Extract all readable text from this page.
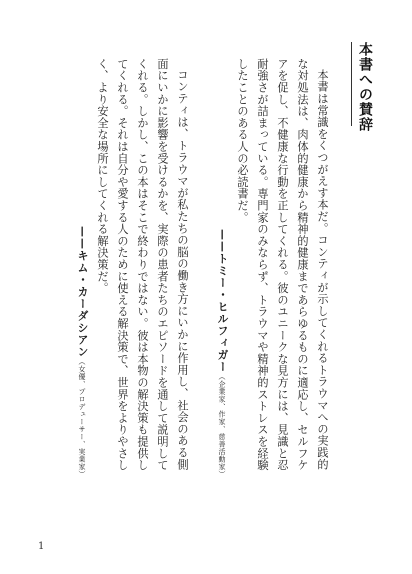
本書への賛辞

本書は常識をくつがえす本だ。コンティが示してくれるトラウマへの実践的な対処法は、肉体的健康から精神的健康まであらゆるものに適応し、セルフケアを促し、不健康な行動を正してくれる。彼のユニークな見方には、見識と忍耐強さが詰まっている。専門家のみならず、トラウマや精神的ストレスを経験したことのある人の必読書だ。

——トミー・ヒルフィガー（企業家、作家、慈善活動家）

コンティは、トラウマが私たちの脳の働き方にいかに作用し、社会のある側面にいかに影響を受けるかを、実際の患者たちのエピソードを通して説明してくれる。しかし、この本はそこで終わりではない。彼は本物の解決策も提供してくれる。それは自分や愛する人のために使える解決策で、世界をよりやさしく、より安全な場所にしてくれる解決策だ。

——キム・カーダシアン（女優、プロデューサー、実業家）

1
